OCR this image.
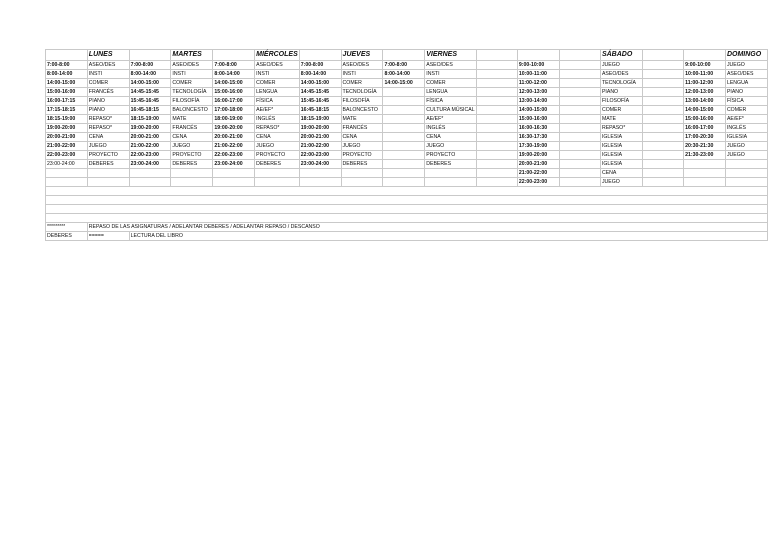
	LUNES		MARTES		MIÉRCOLES		JUEVES		VIERNES				SÁBADO			DOMINGO
7:00-8:00	ASEO/DES	7:00-8:00	ASEO/DES	7:00-8:00	ASEO/DES	7:00-8:00	ASEO/DES	7:00-8:00	ASEO/DES		9:00-10:00		JUEGO		9:00-10:00	JUEGO
8:00-14:00	INSTI	8:00-14:00	INSTI	8:00-14:00	INSTI	8:00-14:00	INSTI	8:00-14:00	INSTI		10:00-11:00		ASEO/DES		10:00-11:00	ASEO/DES
14:00-15:00	COMER	14:00-15:00	COMER	14:00-15:00	COMER	14:00-15:00	COMER	14:00-15:00	COMER		11:00-12:00		TECNOLOGÍA		11:00-12:00	LENGUA
15:00-16:00	FRANCÉS	14:45-15:45	TECNOLOGÍA	15:00-16:00	LENGUA	14:45-15:45	TECNOLOGÍA		LENGUA		12:00-13:00		PIANO		12:00-13:00	PIANO
16:00-17:15	PIANO	15:45-16:45	FILOSOFÍA	16:00-17:00	FÍSICA	15:45-16:45	FILOSOFÍA		FÍSICA		13:00-14:00		FILOSOFÍA		13:00-14:00	FÍSICA
17:15-18:15	PIANO	16:45-18:15	BALONCESTO	17:00-18:00	AE/EF*	16:45-18:15	BALONCESTO		CULTURA MÚSICAL		14:00-15:00		COMER		14:00-15:00	COMER
18:15-19:00	REPASO*	18:15-19:00	MATE	18:00-19:00	INGLÉS	18:15-19:00	MATE		AE/EF*		15:00-16:00		MATE		15:00-16:00	AE/EF*
19:00-20:00	REPASO*	19:00-20:00	FRANCÉS	19:00-20:00	REPASO*	19:00-20:00	FRANCÉS		INGLÉS		16:00-16:30		REPASO*		16:00-17:00	INGLÉS
20:00-21:00	CENA	20:00-21:00	CENA	20:00-21:00	CENA	20:00-21:00	CENA		CENA		16:30-17:30		IGLESIA		17:00-20:30	IGLESIA
21:00-22:00	JUEGO	21:00-22:00	JUEGO	21:00-22:00	JUEGO	21:00-22:00	JUEGO		JUEGO		17:30-19:00		IGLESIA		20:30-21:30	JUEGO
22:00-23:00	PROYECTO	22:00-23:00	PROYECTO	22:00-23:00	PROYECTO	22:00-23:00	PROYECTO		PROYECTO		19:00-20:00		IGLESIA		21:30-23:00	JUEGO
23:00-24:00	DEBERES	23:00-24:00	DEBERES	23:00-24:00	DEBERES	23:00-24:00	DEBERES		DEBERES		20:00-21:00		IGLESIA			
											21:00-22:00		CENA			
											22:00-23:00		JUEGO			

*********	REPASO DE LAS ASIGNATURAS / ADELANTAR DEBERES / ADELANTAR REPASO / DESCANSO															
DEBERES	=====	LECTURA DEL LIBRO														
